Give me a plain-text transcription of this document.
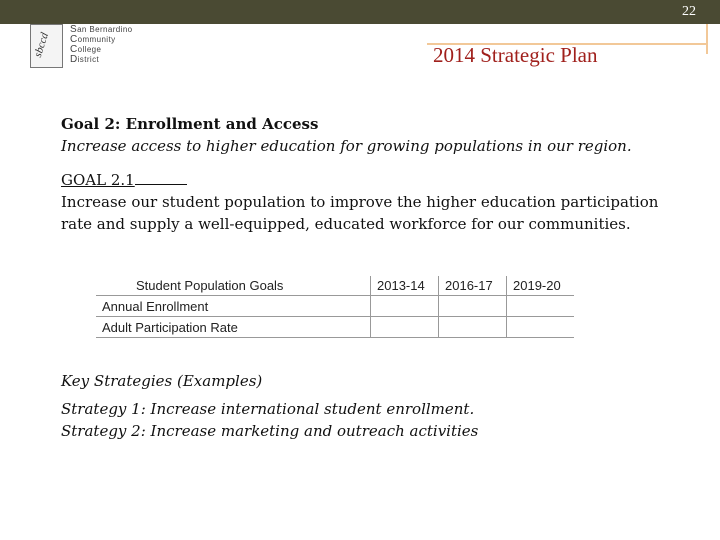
22
sbccd
San Bernardino
Community
College
District	2014 Strategic Plan
Goal 2: Enrollment and Access
Increase access to higher education for growing populations in our region.
GOAL 2.1
Increase our student population to improve the higher education participation rate and supply a well-equipped, educated workforce for our communities.
Student Population Goals	2013-14	2016-17	2019-20
Annual Enrollment			
Adult Participation Rate			
Key Strategies (Examples)
Strategy 1: Increase international student enrollment.
Strategy 2: Increase marketing and outreach activities
